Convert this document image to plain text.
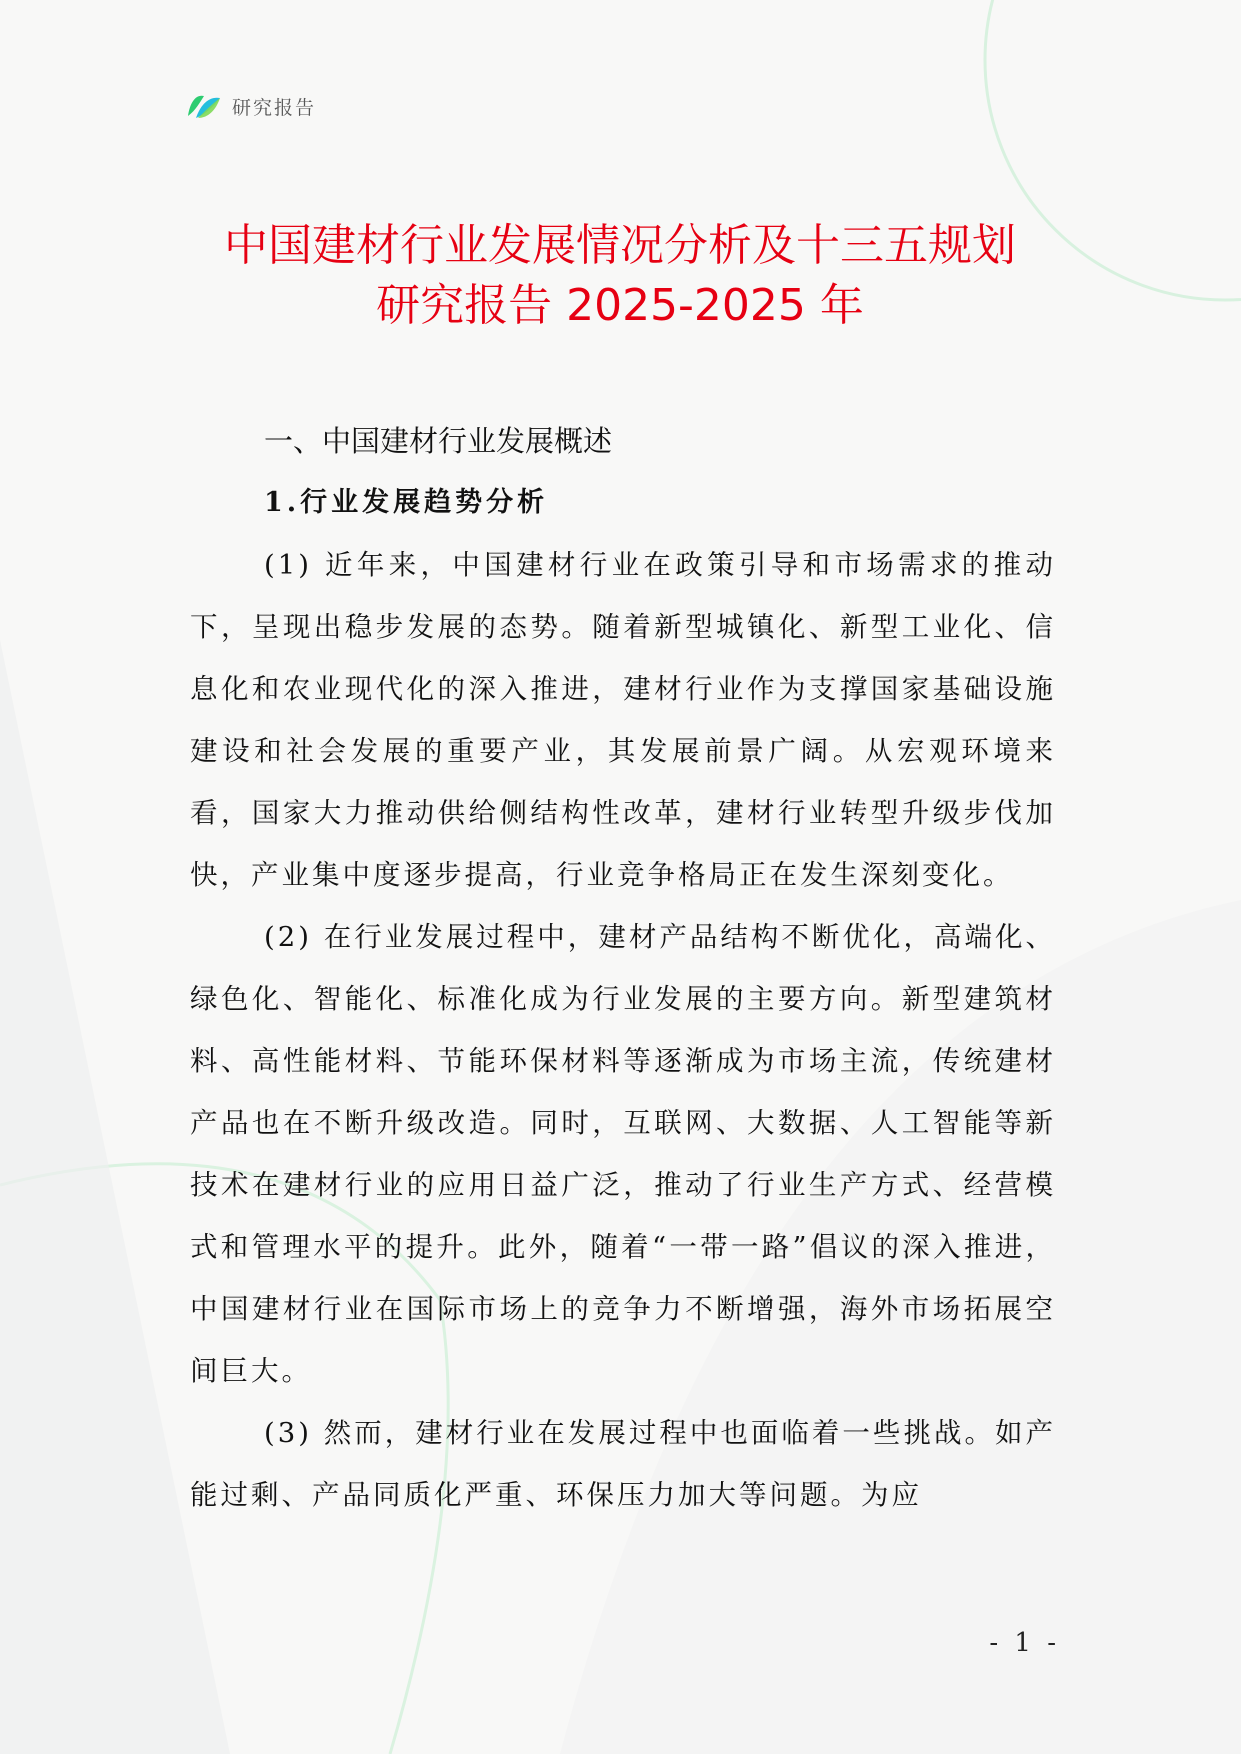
研究报告
中国建材行业发展情况分析及十三五规划
研究报告 2025-2025 年
一、中国建材行业发展概述
1.行业发展趋势分析

(1) 近年来，中国建材行业在政策引导和市场需求的推动下，呈现出稳步发展的态势。随着新型城镇化、新型工业化、信息化和农业现代化的深入推进，建材行业作为支撑国家基础设施建设和社会发展的重要产业，其发展前景广阔。从宏观环境来看，国家大力推动供给侧结构性改革，建材行业转型升级步伐加快，产业集中度逐步提高，行业竞争格局正在发生深刻变化。

(2) 在行业发展过程中，建材产品结构不断优化，高端化、绿色化、智能化、标准化成为行业发展的主要方向。新型建筑材料、高性能材料、节能环保材料等逐渐成为市场主流，传统建材产品也在不断升级改造。同时，互联网、大数据、人工智能等新技术在建材行业的应用日益广泛，推动了行业生产方式、经营模式和管理水平的提升。此外，随着“一带一路”倡议的深入推进，中国建材行业在国际市场上的竞争力不断增强，海外市场拓展空间巨大。

(3) 然而，建材行业在发展过程中也面临着一些挑战。如产能过剩、产品同质化严重、环保压力加大等问题。为应

- 1 -
